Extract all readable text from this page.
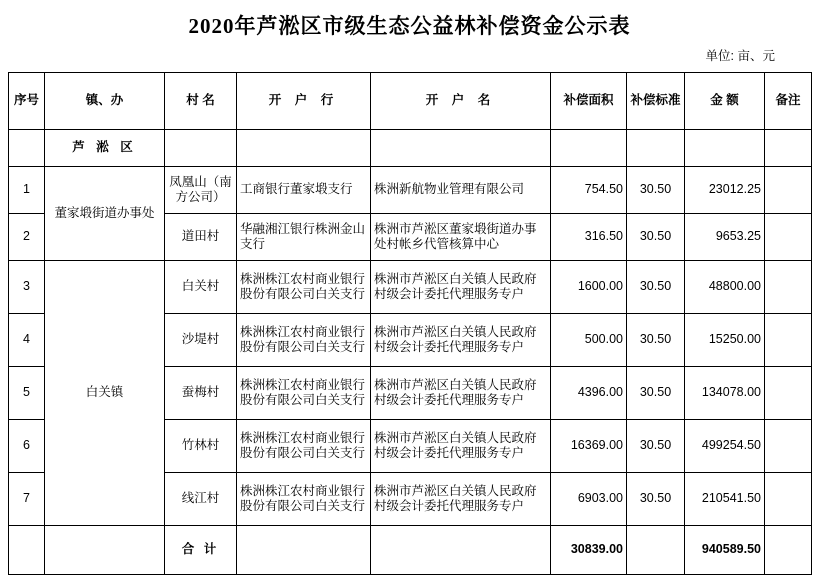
2020年芦淞区市级生态公益林补偿资金公示表
单位: 亩、元
序号	镇、办	村 名	开 户 行	开 户 名	补偿面积	补偿标准	金 额	备注
	芦 淞 区							
1	董家塅街道办事处	凤凰山（南方公司）	工商银行董家塅支行	株洲新航物业管理有限公司	754.50	30.50	23012.25	
2		道田村	华融湘江银行株洲金山支行	株洲市芦淞区董家塅街道办事处村帐乡代管核算中心	316.50	30.50	9653.25	
3	白关镇	白关村	株洲株江农村商业银行股份有限公司白关支行	株洲市芦淞区白关镇人民政府村级会计委托代理服务专户	1600.00	30.50	48800.00	
4		沙堤村	株洲株江农村商业银行股份有限公司白关支行	株洲市芦淞区白关镇人民政府村级会计委托代理服务专户	500.00	30.50	15250.00	
5		蚕梅村	株洲株江农村商业银行股份有限公司白关支行	株洲市芦淞区白关镇人民政府村级会计委托代理服务专户	4396.00	30.50	134078.00	
6		竹林村	株洲株江农村商业银行股份有限公司白关支行	株洲市芦淞区白关镇人民政府村级会计委托代理服务专户	16369.00	30.50	499254.50	
7		线江村	株洲株江农村商业银行股份有限公司白关支行	株洲市芦淞区白关镇人民政府村级会计委托代理服务专户	6903.00	30.50	210541.50	
		合 计			30839.00		940589.50	
